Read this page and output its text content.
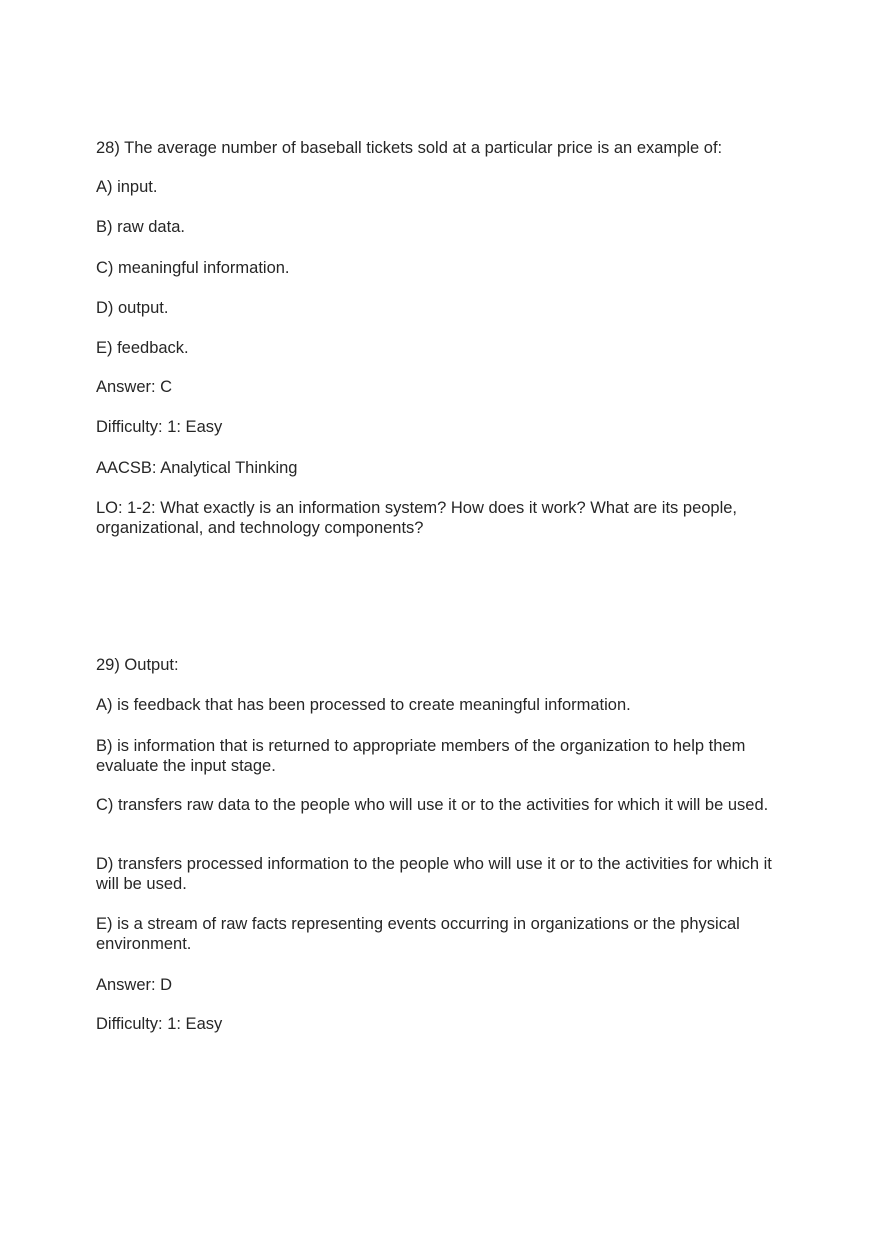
28) The average number of baseball tickets sold at a particular price is an example of:

A) input.

B) raw data.

C) meaningful information.

D) output.

E) feedback.

Answer: C

Difficulty: 1: Easy

AACSB: Analytical Thinking

LO: 1-2: What exactly is an information system? How does it work? What are its people, organizational, and technology components?

29) Output:

A) is feedback that has been processed to create meaningful information.

B) is information that is returned to appropriate members of the organization to help them evaluate the input stage.

C) transfers raw data to the people who will use it or to the activities for which it will be used.

D) transfers processed information to the people who will use it or to the activities for which it will be used.

E) is a stream of raw facts representing events occurring in organizations or the physical environment.

Answer: D

Difficulty: 1: Easy
